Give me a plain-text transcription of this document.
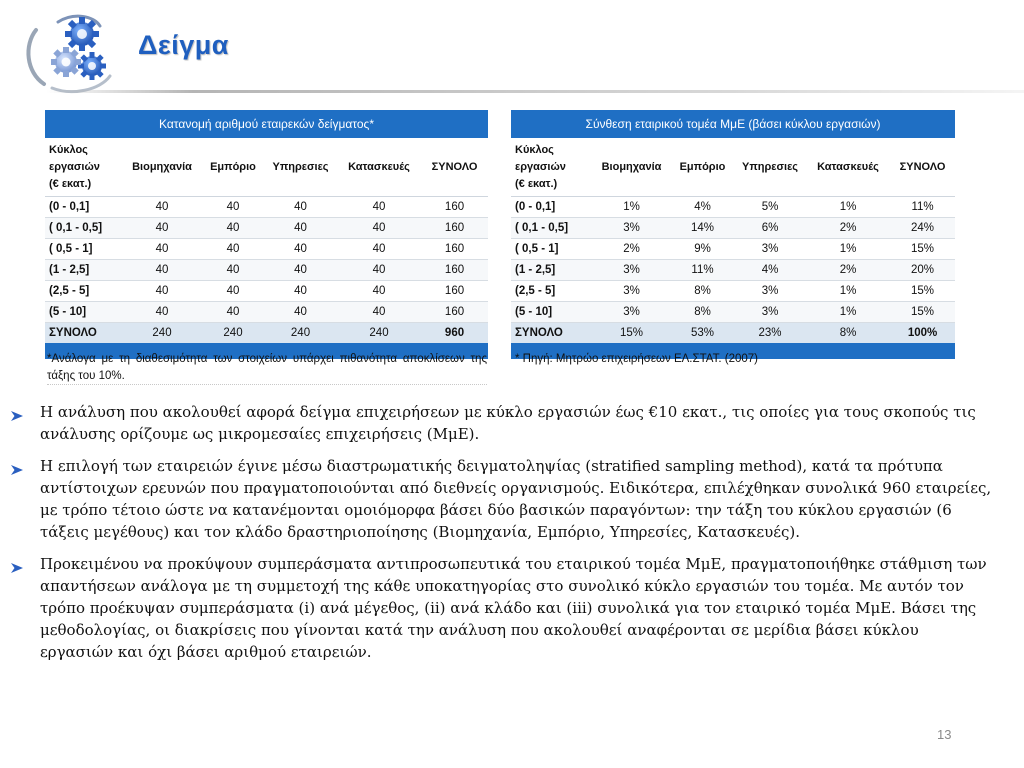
Δείγμα
Κατανομή αριθμού εταιρεκών δείγματος*					

Κύκλος
εργασιών
(€ εκατ.)	Βιομηχανία	Εμπόριο	Υπηρεσιες	Κατασκευές	ΣΥΝΟΛΟ
(0 - 0,1]	40	40	40	40	160
( 0,1 - 0,5]	40	40	40	40	160
( 0,5 - 1]	40	40	40	40	160
(1 - 2,5]	40	40	40	40	160
(2,5 - 5]	40	40	40	40	160
(5 - 10]	40	40	40	40	160
ΣΥΝΟΛΟ	240	240	240	240	960

Σύνθεση εταιρικού τομέα ΜμΕ (βάσει κύκλου εργασιών)					

Κύκλος
εργασιών
(€ εκατ.)	Βιομηχανία	Εμπόριο	Υπηρεσιες	Κατασκευές	ΣΥΝΟΛΟ
(0 - 0,1]	1%	4%	5%	1%	11%
( 0,1 - 0,5]	3%	14%	6%	2%	24%
( 0,5 - 1]	2%	9%	3%	1%	15%
(1 - 2,5]	3%	11%	4%	2%	20%
(2,5 - 5]	3%	8%	3%	1%	15%
(5 - 10]	3%	8%	3%	1%	15%
ΣΥΝΟΛΟ	15%	53%	23%	8%	100%

*Ανάλογα με τη διαθεσιμότητα των στοιχείων υπάρχει πιθανότητα αποκλίσεων της τάξης του 10%.
* Πηγή: Μητρώο επιχειρήσεων ΕΛ.ΣΤΑΤ. (2007)
Η ανάλυση που ακολουθεί αφορά δείγμα επιχειρήσεων με κύκλο εργασιών έως €10 εκατ., τις οποίες για τους σκοπούς τις ανάλυσης ορίζουμε ως μικρομεσαίες επιχειρήσεις (ΜμΕ).
Η επιλογή των εταιρειών έγινε μέσω διαστρωματικής δειγματοληψίας (stratified sampling method), κατά τα πρότυπα αντίστοιχων ερευνών που πραγματοποιούνται από διεθνείς οργανισμούς. Ειδικότερα, επιλέχθηκαν συνολικά 960 εταιρείες, με τρόπο τέτοιο ώστε να κατανέμονται ομοιόμορφα βάσει δύο βασικών παραγόντων: την τάξη του κύκλου εργασιών (6 τάξεις μεγέθους) και τον κλάδο δραστηριοποίησης (Βιομηχανία, Εμπόριο, Υπηρεσίες, Κατασκευές).
Προκειμένου να προκύψουν συμπεράσματα αντιπροσωπευτικά του εταιρικού τομέα ΜμΕ, πραγματοποιήθηκε στάθμιση των απαντήσεων ανάλογα με τη συμμετοχή της κάθε υποκατηγορίας στο συνολικό κύκλο εργασιών του τομέα. Με αυτόν τον τρόπο προέκυψαν συμπεράσματα (i) ανά μέγεθος, (ii) ανά κλάδο και (iii) συνολικά για τον εταιρικό τομέα ΜμΕ. Βάσει της μεθοδολογίας, οι διακρίσεις που γίνονται κατά την ανάλυση που ακολουθεί αναφέρονται σε μερίδια βάσει κύκλου εργασιών και όχι βάσει αριθμού εταιρειών.
13
